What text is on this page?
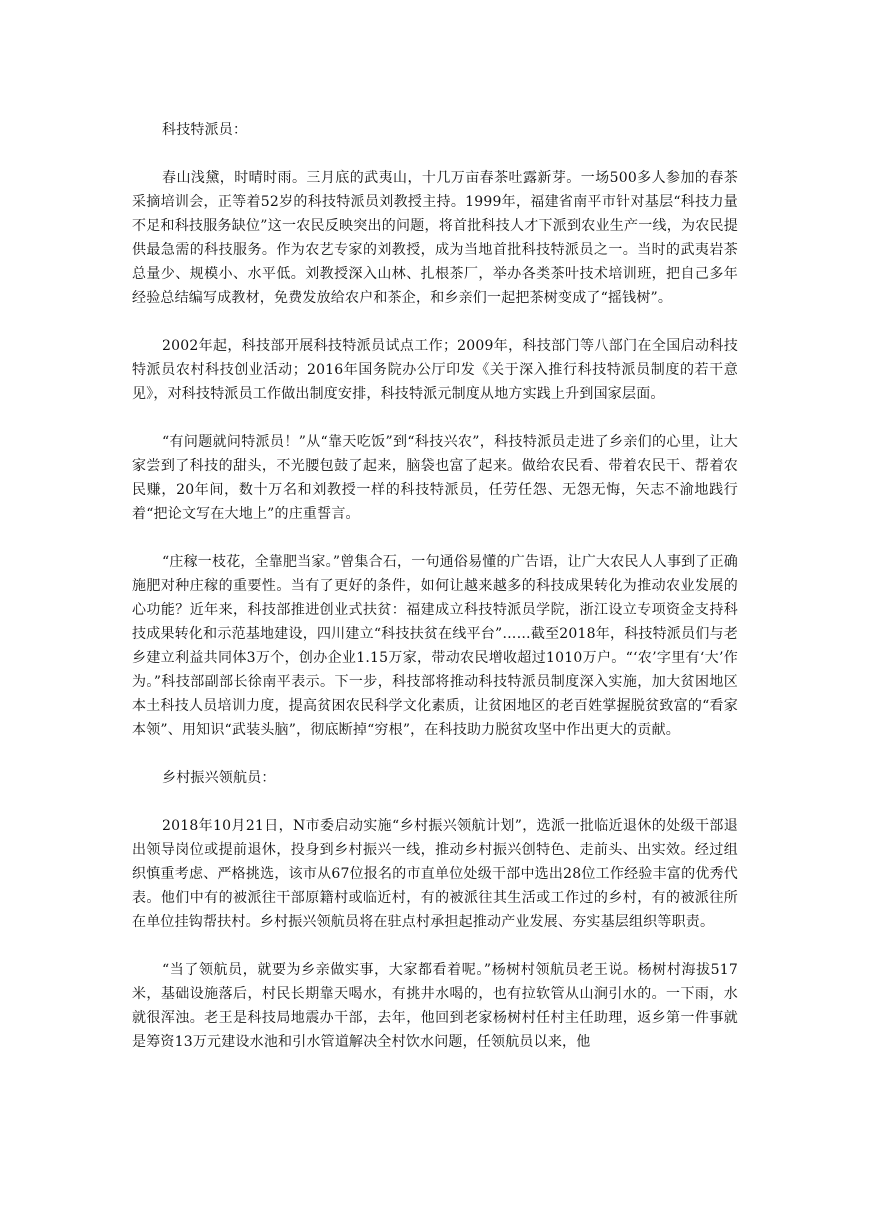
科技特派员：

春山浅黛，时晴时雨。三月底的武夷山，十几万亩春茶吐露新芽。一场500多人参加的春茶采摘培训会，正等着52岁的科技特派员刘教授主持。1999年，福建省南平市针对基层“科技力量不足和科技服务缺位”这一农民反映突出的问题，将首批科技人才下派到农业生产一线，为农民提供最急需的科技服务。作为农艺专家的刘教授，成为当地首批科技特派员之一。当时的武夷岩茶总量少、规模小、水平低。刘教授深入山林、扎根茶厂，举办各类茶叶技术培训班，把自己多年经验总结编写成教材，免费发放给农户和茶企，和乡亲们一起把茶树变成了“摇钱树”。

2002年起，科技部开展科技特派员试点工作；2009年，科技部门等八部门在全国启动科技特派员农村科技创业活动；2016年国务院办公厅印发《关于深入推行科技特派员制度的若干意见》，对科技特派员工作做出制度安排，科技特派元制度从地方实践上升到国家层面。

“有问题就问特派员！”从“靠天吃饭”到“科技兴农”，科技特派员走进了乡亲们的心里，让大家尝到了科技的甜头，不光腰包鼓了起来，脑袋也富了起来。做给农民看、带着农民干、帮着农民赚，20年间，数十万名和刘教授一样的科技特派员，任劳任怨、无怨无悔，矢志不渝地践行着“把论文写在大地上”的庄重誓言。

“庄稼一枝花，全靠肥当家。”曾集合石，一句通俗易懂的广告语，让广大农民人人事到了正确施肥对种庄稼的重要性。当有了更好的条件，如何让越来越多的科技成果转化为推动农业发展的心功能？近年来，科技部推进创业式扶贫：福建成立科技特派员学院，浙江设立专项资金支持科技成果转化和示范基地建设，四川建立“科技扶贫在线平台”……截至2018年，科技特派员们与老乡建立利益共同体3万个，创办企业1.15万家，带动农民增收超过1010万户。“‘农’字里有‘大’作为。”科技部副部长徐南平表示。下一步，科技部将推动科技特派员制度深入实施，加大贫困地区本土科技人员培训力度，提高贫困农民科学文化素质，让贫困地区的老百姓掌握脱贫致富的“看家本领”、用知识“武装头脑”，彻底断掉“穷根”，在科技助力脱贫攻坚中作出更大的贡献。

乡村振兴领航员：

2018年10月21日，N市委启动实施“乡村振兴领航计划”，选派一批临近退休的处级干部退出领导岗位或提前退休，投身到乡村振兴一线，推动乡村振兴创特色、走前头、出实效。经过组织慎重考虑、严格挑选，该市从67位报名的市直单位处级干部中选出28位工作经验丰富的优秀代表。他们中有的被派往干部原籍村或临近村，有的被派往其生活或工作过的乡村，有的被派往所在单位挂钩帮扶村。乡村振兴领航员将在驻点村承担起推动产业发展、夯实基层组织等职责。

“当了领航员，就要为乡亲做实事，大家都看着呢。”杨树村领航员老王说。杨树村海拔517米，基础设施落后，村民长期靠天喝水，有挑井水喝的，也有拉软管从山涧引水的。一下雨，水就很浑浊。老王是科技局地震办干部，去年，他回到老家杨树村任村主任助理，返乡第一件事就是筹资13万元建设水池和引水管道解决全村饮水问题，任领航员以来，他
